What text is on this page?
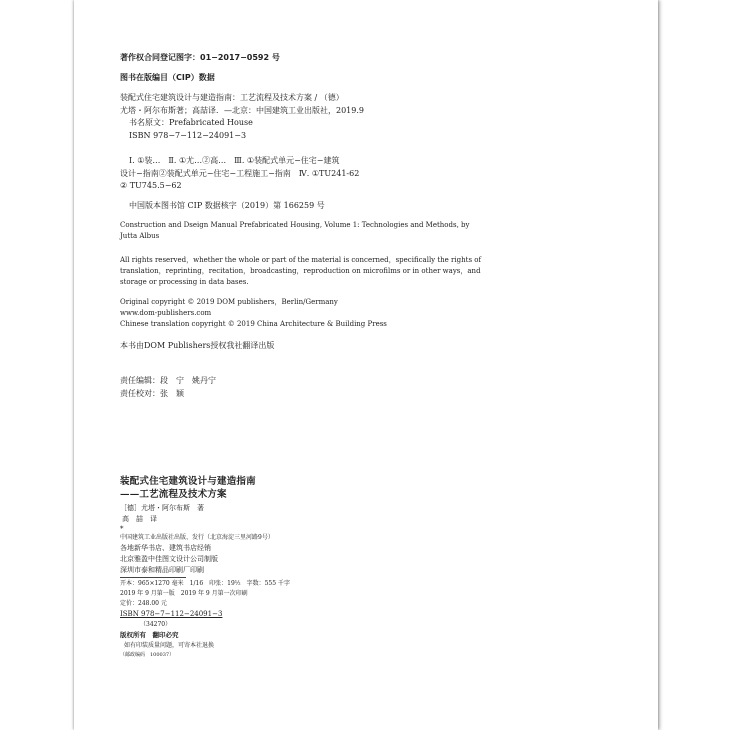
著作权合同登记图字：01−2017−0592 号
图书在版编目（CIP）数据
装配式住宅建筑设计与建造指南：工艺流程及技术方案 / （德）
尤塔・阿尔布斯著；高喆译．—北京：中国建筑工业出版社，2019.9
书名原文：Prefabricated House
ISBN 978−7−112−24091−3
Ⅰ. ①装…　Ⅱ. ①尤…②高…　Ⅲ. ①装配式单元−住宅−建筑
设计−指南②装配式单元−住宅−工程施工−指南　Ⅳ. ①TU241-62
② TU745.5−62
中国版本图书馆 CIP 数据核字（2019）第 166259 号
Construction and Dseign Manual Prefabricated Housing, Volume 1: Technologies and Methods, by
Jutta Albus
All rights reserved，whether the whole or part of the material is concerned，specifically the rights of
translation，reprinting，recitation，broadcasting，reproduction on microfilms or in other ways，and
storage or processing in data bases.
Original copyright © 2019 DOM publishers，Berlin/Germany
www.dom-publishers.com
Chinese translation copyright © 2019 China Architecture & Building Press
本书由DOM Publishers授权我社翻译出版
责任编辑：段　宁　姚丹宁
责任校对：张　颖
装配式住宅建筑设计与建造指南
——工艺流程及技术方案
［德］尤塔・阿尔布斯　著
高　喆　译
*
中国建筑工业出版社出版、发行（北京海淀三里河路9号）
各地新华书店、建筑书店经销
北京雅盈中佳图文设计公司制版
深圳市泰和精品印刷厂印刷
开本：965×1270 毫米　1/16　印张：19½　字数：555 千字
2019 年 9 月第一版　2019 年 9 月第一次印刷
定价：248.00 元
ISBN 978−7−112−24091−3
（34270）
版权所有　翻印必究
如有印装质量问题，可寄本社退换
（邮政编码　100037）
